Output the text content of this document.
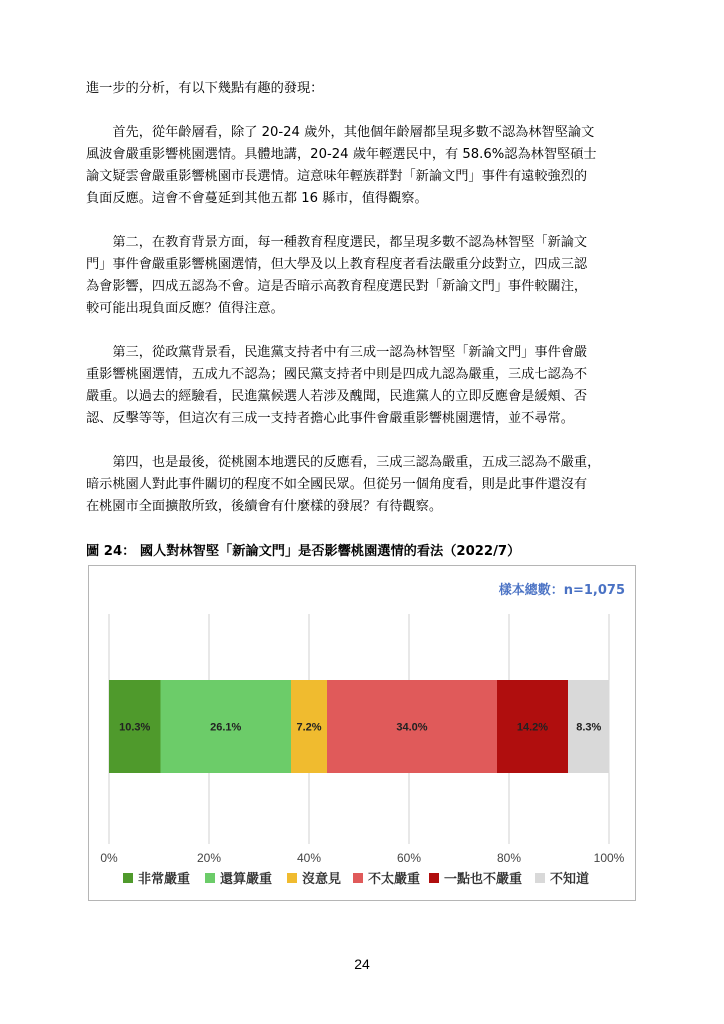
進一步的分析，有以下幾點有趣的發現：
　　首先，從年齡層看，除了 20-24 歲外，其他個年齡層都呈現多數不認為林智堅論文
風波會嚴重影響桃園選情。具體地講，20-24 歲年輕選民中，有 58.6%認為林智堅碩士
論文疑雲會嚴重影響桃園市長選情。這意味年輕族群對「新論文門」事件有遠較強烈的
負面反應。這會不會蔓延到其他五都 16 縣市，值得觀察。
　　第二，在教育背景方面，每一種教育程度選民，都呈現多數不認為林智堅「新論文
門」事件會嚴重影響桃園選情，但大學及以上教育程度者看法嚴重分歧對立，四成三認
為會影響，四成五認為不會。這是否暗示高教育程度選民對「新論文門」事件較關注，
較可能出現負面反應？值得注意。
　　第三，從政黨背景看，民進黨支持者中有三成一認為林智堅「新論文門」事件會嚴
重影響桃園選情，五成九不認為；國民黨支持者中則是四成九認為嚴重，三成七認為不
嚴重。以過去的經驗看，民進黨候選人若涉及醜聞，民進黨人的立即反應會是緩頰、否
認、反擊等等，但這次有三成一支持者擔心此事件會嚴重影響桃園選情，並不尋常。
　　第四，也是最後，從桃園本地選民的反應看，三成三認為嚴重，五成三認為不嚴重，
暗示桃園人對此事件關切的程度不如全國民眾。但從另一個角度看，則是此事件還沒有
在桃園市全面擴散所致，後續會有什麼樣的發展？有待觀察。
圖 24： 國人對林智堅「新論文門」是否影響桃園選情的看法（2022/7）
0%	20%	40%	60%	80%	100%
10.3%	26.1%	7.2%	34.0%	14.2%	8.3%
樣本總數：n=1,075
非常嚴重 還算嚴重 沒意見 不太嚴重 一點也不嚴重 不知道
24
